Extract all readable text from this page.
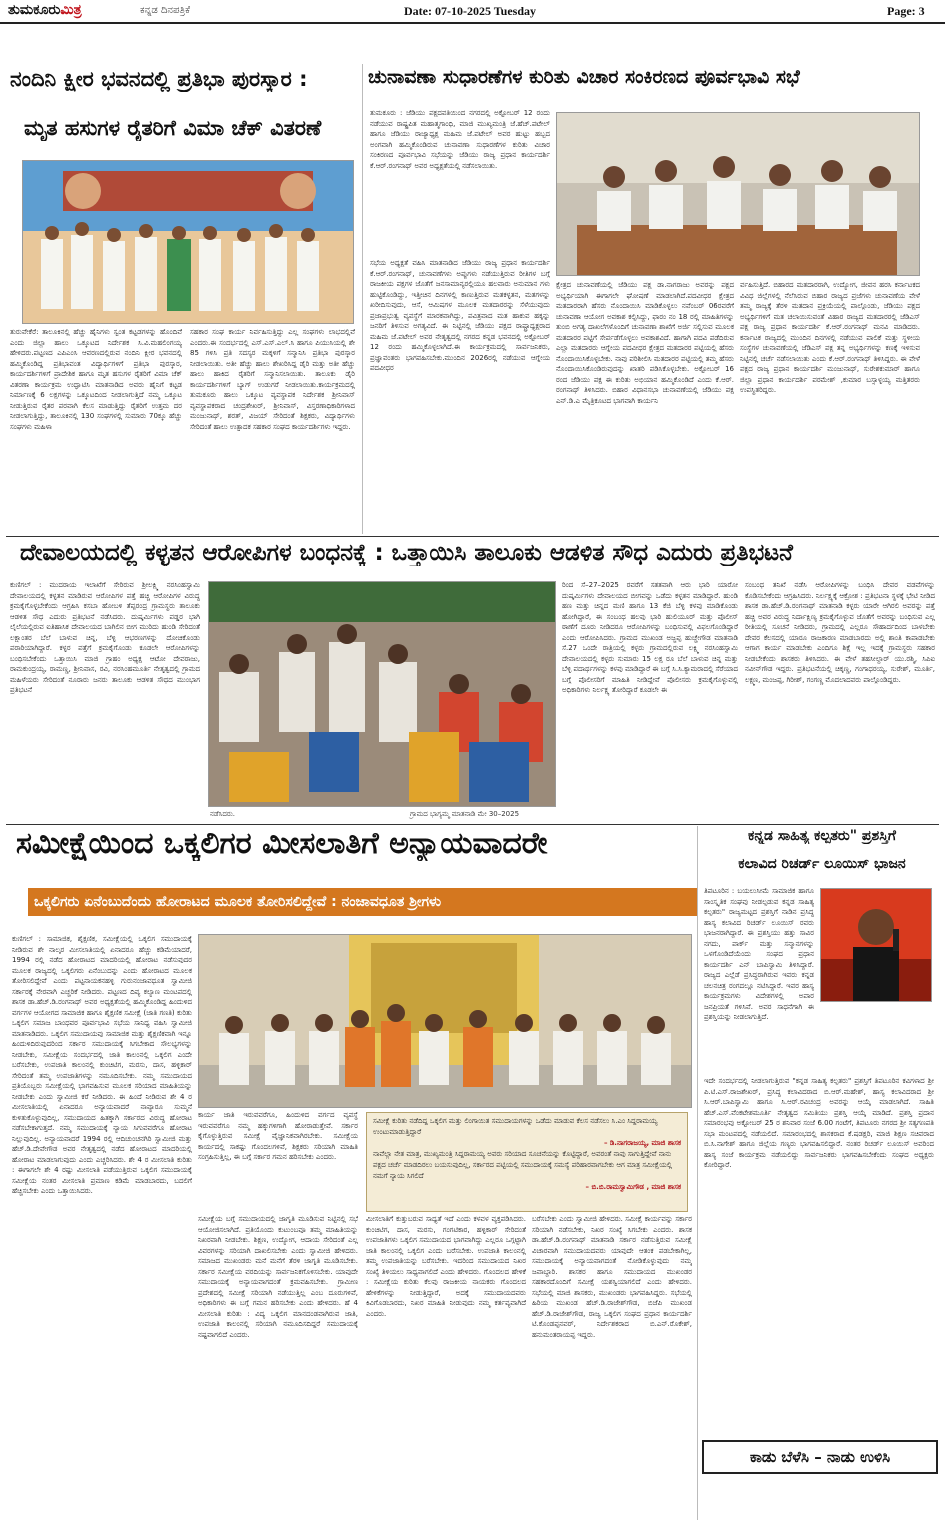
ತುಮಕೂರುಮಿತ್ರ	ಕನ್ನಡ ದಿನಪತ್ರಿಕೆ	Date: 07-10-2025 Tuesday	Page: 3
ನಂದಿನಿ ಕ್ಷೀರ ಭವನದಲ್ಲಿ ಪ್ರತಿಭಾ ಪುರಸ್ಕಾರ :
ಮೃತ ಹಸುಗಳ ರೈತರಿಗೆ ವಿಮಾ ಚೆಕ್ ವಿತರಣೆ
ತುರುವೇಕೆರೆ: ತಾಲೂಕಿನಲ್ಲಿ ಹೆಚ್ಚು ಹೈನಿಗಳು ಸ್ವಂತ ಕಟ್ಟಡಗಳನ್ನು ಹೊಂದಿವೆ ಎಂದು ಜಿಲ್ಲಾ ಹಾಲು ಒಕ್ಕೂಟದ ನಿರ್ದೇಶಕ ಸಿ.ವಿ.ಮಹಲಿಂಗಯ್ಯ ಹೇಳಿದರು.ಪಟ್ಟಣದ ಎಪಿಎಂಸಿ ಆವರಣದಲ್ಲಿರುವ ನಂದಿನಿ ಕ್ಷೀರ ಭವನದಲ್ಲಿ ಹಮ್ಮಿಕೊಂಡಿದ್ದ ಪ್ರತಿಭಾವಂತ ವಿದ್ಯಾರ್ಥಿಗಳಿಗೆ ಪ್ರತಿಭಾ ಪುರಸ್ಕಾರ, ಕಾರ್ಯದರ್ಶಿಗಳಿಗೆ ಪ್ರಾದೇಶಿಕ ಹಾಗೂ ಮೃತ ಹಸುಗಳ ರೈತರಿಗೆ ವಿಮಾ ಚೆಕ್ ವಿತರಣಾ ಕಾರ್ಯಕ್ರಮ ಉದ್ಘಾಟಿಸಿ ಮಾತನಾಡಿದ ಅವರು ಹೈನಿಗೆ ಕಟ್ಟಡ ನಿರ್ಮಾಣಕ್ಕೆ 6 ಲಕ್ಷಗಳನ್ನು ಒಕ್ಕೂಟದಿಂದ ನೀಡಲಾಗುತ್ತಿದೆ ನಮ್ಮ ಒಕ್ಕೂಟ ನೀಡುತ್ತಿರುವ ರೈತರ ಪರವಾಗಿ ಕೆಲಸ ಮಾಡುತ್ತಿದ್ದು ರೈತರಿಗೆ ಉತ್ತಮ ದರ ನೀಡಲಾಗುತ್ತಿದ್ದು, ತಾಲೂಕಿನಲ್ಲಿ 130 ಸಂಘಗಳಲ್ಲಿ ಸುಮಾರು 70ಕ್ಕೂ ಹೆಚ್ಚು ಸಂಘಗಳು ಮಹಿಳಾ
ಸಹಕಾರ ಸಂಘ ಕಾರ್ಯ ನಿರ್ವಹಿಸುತ್ತಿದ್ದು ಎಲ್ಲ ಸಂಘಗಳು ಲಾಭದಲ್ಲಿವೆ ಎಂದರು.ಈ ಸಂದರ್ಭದಲ್ಲಿ ಎಸ್.ಎಸ್.ಎಲ್.ಸಿ ಹಾಗೂ ಪಿಯುಸಿಯಲ್ಲಿ ಶೇ 85 ಗಳಿಸಿ ಪ್ರತಿ ಸದಸ್ಯರ ಮಕ್ಕಳಿಗೆ ಸನ್ಮಾನಿಸಿ ಪ್ರತಿಭಾ ಪುರಸ್ಕಾರ ನೀಡಲಾಯಿತು. ಅತೀ ಹೆಚ್ಚು ಹಾಲು ಶೇಖರಿಸಿದ್ದ ಡೈರಿ ಮತ್ತು ಅತೀ ಹೆಚ್ಚು ಹಾಲು ಹಾಕಿದ ರೈತರಿಗೆ ಸನ್ಮಾನಿಸಲಾಯಿತು. ತಾಲೂಕು ಡೈರಿ ಕಾರ್ಯದರ್ಶಿಗಳಿಗೆ ಬ್ಯಾಗ್ ಉಡುಗರೆ ನೀಡಲಾಯಿತು.ಕಾರ್ಯಕ್ರಮದಲ್ಲಿ ತುಮಕೂರು ಹಾಲು ಒಕ್ಕೂಟ ವ್ಯವಸ್ಥಾಪಕ ನಿರ್ದೇಶಕ ಶ್ರೀನಿವಾಸ್ ವ್ಯವಸ್ಥಾಪಕರಾದ ಚಂದ್ರಶೇಖರ್, ಶ್ರೀನಿವಾಸ್, ವಿಸ್ತರಣಾಧಿಕಾರಿಗಳಾದ ಮಂಜುನಾಥ್, ಶರತ್, ವಿಜಯ್ ಸೇರಿದಂತೆ ಶಿಕ್ಷಕರು, ವಿದ್ಯಾರ್ಥಿಗಳು ಸೇರಿದಂತೆ ಹಾಲು ಉತ್ಪಾದಕ ಸಹಕಾರ ಸಂಘದ ಕಾರ್ಯದರ್ಶಿಗಳು ಇದ್ದರು.
ಚುನಾವಣಾ ಸುಧಾರಣೆಗಳ ಕುರಿತು ವಿಚಾರ ಸಂಕಿರಣದ ಪೂರ್ವಭಾವಿ ಸಭೆ
ತುಮಕೂರು : ಜೆಡಿಯು ಪಕ್ಷದವತಿಯಿಂದ ನಗರದಲ್ಲಿ ಅಕ್ಟೋಬರ್ 12 ರಂದು ನಡೆಯುವ ರಾಷ್ಟ್ರಪಿತ ಮಹಾತ್ಮಗಾಂಧಿ, ಮಾಜಿ ಮುಖ್ಯಮಂತ್ರಿ ಜೆ.ಹೆಚ್.ಪಟೇಲ್ ಹಾಗೂ ಜೆಡಿಯು ರಾಜ್ಯಾಧ್ಯಕ್ಷ ಮಹಿಮ ಜೆ.ಪಟೇಲ್ ಅವರ ಹುಟ್ಟು ಹಬ್ಬದ ಅಂಗವಾಗಿ ಹಮ್ಮಿಕೊಂಡಿರುವ ಚುನಾವಣಾ ಸುಧಾರಣೆಗಳ ಕುರಿತು ವಿಚಾರ ಸಂಕಿರಣದ ಪೂರ್ವಭಾವಿ ಸಭೆಯನ್ನು ಜೆಡಿಯು ರಾಜ್ಯ ಪ್ರಧಾನ ಕಾರ್ಯದರ್ಶಿ ಕೆ.ಆರ್.ರಂಗನಾಥ್ ಅವರ ಅಧ್ಯಕ್ಷತೆಯಲ್ಲಿ ನಡೆಸಲಾಯಿತು.
ಸಭೆಯ ಅಧ್ಯಕ್ಷತೆ ವಹಿಸಿ ಮಾತನಾಡಿದ ಜೆಡಿಯು ರಾಜ್ಯ ಪ್ರಧಾನ ಕಾರ್ಯದರ್ಶಿ ಕೆ.ಆರ್.ರಂಗನಾಥ್, ಚುನಾವಣೆಗಳು ಅಪ್ಪುಗಳು ನಡೆಯುತ್ತಿರುವ ರೀತಿಗಳ ಬಗ್ಗೆ ರಾಜಕೀಯ ಪಕ್ಷಗಳ ಜೊತೆಗೆ ಜನಸಾಮಾನ್ಯರಲ್ಲಿಯೂ ಹಲವಾರು ಅನುಮಾನ ಗಳು ಹುಟ್ಟಿಕೊಂಡಿದ್ದು, ಇತ್ತೀಚಿನ ದಿನಗಳಲ್ಲಿ ಕಾಣುತ್ತಿರುವ ಮತಕಳ್ಳತನ, ಮತಗಳನ್ನು ಖರೀದಿಸುವುದು, ಆಸೆ, ಆಮಿಷಗಳ ಮೂಲಕ ಮತದಾರರನ್ನು ಸೆಳೆಯುವುದು ಪ್ರಜಾಪ್ರಭುತ್ವ ವ್ಯವಸ್ಥೆಗೆ ಮಾರಕವಾಗಿದ್ದು, ಪವಿತ್ರವಾದ ಮತ ಹಾಕುವ ಹಕ್ಕನ್ನು ಜನರಿಗೆ ತಿಳಿಸುವ ಅಗತ್ಯವಿದೆ. ಈ ನಿಟ್ಟಿನಲ್ಲಿ ಜೆಡಿಯು ಪಕ್ಷದ ರಾಷ್ಟ್ರಾಧ್ಯಕ್ಷರಾದ ಮಹಿಮ ಜೆ.ಪಟೇಲ್ ಅವರ ನೇತೃತ್ವದಲ್ಲಿ ನಗರದ ಕನ್ನಡ ಭವನದಲ್ಲಿ ಅಕ್ಟೋಬರ್ 12 ರಂದು ಹಮ್ಮಿಕೊಳ್ಳಲಾಗಿದೆ.ಈ ಕಾರ್ಯಕ್ರಮದಲ್ಲಿ ಸಾರ್ವಜನಿಕರು, ಪ್ರಜ್ಞಾವಂತರು ಭಾಗವಹಿಸಬೇಕು.ಮುಂದಿನ 2026ರಲ್ಲಿ ನಡೆಯುವ ಆಗ್ನೇಯ ಪದವೀಧರ
ಕ್ಷೇತ್ರದ ಚುನಾವಣೆಯಲ್ಲಿ ಜೆಡಿಯು ಪಕ್ಷ ಡಾ.ನಾಗರಾಜು ಅವರನ್ನು ಪಕ್ಷದ ಅಭ್ಯರ್ಥಿಯಾಗಿ ಈಗಾಗಲೇ ಘೋಷಣೆ ಮಾಡಲಾಗಿದೆ.ಪದವೀಧರ ಕ್ಷೇತ್ರದ ಮತದಾರರಾಗಿ ಹೆಸರು ನೊಂದಾಯಿಸಿ ಮಾಡಿಕೊಳ್ಳಲು ನವೆಂಬರ್ 06ರವರೆಗೆ ಚುನಾವಣಾ ಆಯೋಗ ಅವಕಾಶ ಕಲ್ಪಿಸಿದ್ದು, ಫಾರಂ ನಂ 18 ರಲ್ಲಿ ಮಾಹಿತಿಗಳನ್ನು ತುಂಬಿ ಅಗತ್ಯ ದಾಖಲೆಗಳೊಂದಿಗೆ ಚುನಾವಣಾ ಶಾಖೆಗೆ ಅರ್ಜಿ ಸಲ್ಲಿಸುವ ಮೂಲಕ ಮತದಾರರ ಪಟ್ಟಿಗೆ ಸೇರ್ಪಡೆಗೊಳ್ಳಲು ಅವಕಾಶವಿದೆ. ಹಾಗಾಗಿ ಪದವಿ ಪಡೆದಿರುವ ಎಲ್ಲಾ ಮತದಾರರು ಆಗ್ನೇಯ ಪದವೀಧರ ಕ್ಷೇತ್ರದ ಮತದಾರರ ಪಟ್ಟಿಯಲ್ಲಿ ಹೆಸರು ನೊಂದಾಯಿಸಿಕೊಳ್ಳಬೇಕು. ನಾವು ಪರಿಶೀಲಿಸಿ ಮತದಾರರ ಪಟ್ಟಿಯಲ್ಲಿ ತಮ್ಮ ಹೆಸರು ನೊಂದಾಯಿಸಿಕೊಂಡಿರುವುದನ್ನು ಖಾತರಿ ಪಡಿಸಿಕೊಳ್ಳಬೇಕು. ಅಕ್ಟೋಬರ್ 16 ರಂದ ಜೆಡಿಯು ಪಕ್ಷ ಈ ಕುರಿತು ಅಭಿಯಾನ ಹಮ್ಮಿಕೊಂಡಿದೆ ಎಂದು ಕೆ.ಆರ್. ರಂಗನಾಥ್ ತಿಳಿಸಿದರು. ಬಿಹಾರ ವಿಧಾನಸಭಾ ಚುನಾವಣೆಯಲ್ಲಿ ಜೆಡಿಯು ಪಕ್ಷ ಎನ್.ಡಿ.ಎ ಮೈತ್ರಿಕೂಟದ ಭಾಗವಾಗಿ ಕಾರ್ಯನಿ
ರ್ವಹಿಸುತ್ತಿದೆ. ಬಿಹಾರದ ಮತದಾರರಾಗಿ, ಉದ್ಯೋಗ, ಜೀವನ ಹರಸಿ ಕರ್ನಾಟಕದ ವಿವಿಧ ಜಿಲ್ಲೆಗಳಲ್ಲಿ ನೆಲೆಸಿರುವ ಬಿಹಾರ ರಾಜ್ಯದ ಪ್ರಜೆಗಳು ಚುನಾವಣೆಯ ವೇಳೆ ತಮ್ಮ ರಾಜ್ಯಕ್ಕೆ ತೆರಳಿ ಮತದಾನ ಪ್ರಕ್ರಿಯೆಯಲ್ಲಿ ಪಾಲ್ಗೊಂಡು, ಜೆಡಿಯು ಪಕ್ಷದ ಅಭ್ಯರ್ಥಿಗಳಿಗೆ ಮತ ಚಲಾಯಿಸುವಂತೆ ವಿಹಾರ ರಾಜ್ಯದ ಮತದಾರರಲ್ಲಿ ಜೆಡಿಎಸ್ ಪಕ್ಷ ರಾಜ್ಯ ಪ್ರಧಾನ ಕಾರ್ಯದರ್ಶಿ ಕೆ.ಆರ್.ರಂಗನಾಥ್ ಮನವಿ ಮಾಡಿದರು. ಕರ್ನಾಟಕ ರಾಜ್ಯದಲ್ಲಿ ಮುಂದಿನ ದಿನಗಳಲ್ಲಿ ನಡೆಯುವ ಪಾಲಿಕೆ ಮತ್ತು ಸ್ಥಳೀಯ ಸಂಸ್ಥೆಗಳ ಚುನಾವಣೆಯಲ್ಲಿ ಜೆಡಿಎಸ್ ಪಕ್ಷ ತನ್ನ ಅಭ್ಯರ್ಥಿಗಳನ್ನು ಕಣಕ್ಕೆ ಇಳಿಸುವ ನಿಟ್ಟಿನಲ್ಲಿ ಚರ್ಚೆ ನಡೆಸಲಾಯಿತು ಎಂದು ಕೆ.ಆರ್.ರಂಗನಾಥ್ ತಿಳಿಸಿದ್ದರು. ಈ ವೇಳೆ ಪಕ್ಷದ ರಾಜ್ಯ ಪ್ರಧಾನ ಕಾರ್ಯದರ್ಶಿ ಮಂಜುನಾಥ್, ಸುರೇಶಕುಮಾರ್ ಹಾಗೂ ಜಿಲ್ಲಾ ಪ್ರಧಾನ ಕಾರ್ಯದರ್ಶಿ ಪರಮೇಶ್ ,ಕುಮಾರ ಬಸ್ಸಾಳ್ಳಯ್ಯ ಮತ್ತಿತರರು ಉಪಸ್ಥಿತರಿದ್ದರು.
ದೇವಾಲಯದಲ್ಲಿ ಕಳ್ಳತನ ಆರೋಪಿಗಳ ಬಂಧನಕ್ಕೆ : ಒತ್ತಾಯಿಸಿ ತಾಲೂಕು ಆಡಳಿತ ಸೌಧ ಎದುರು ಪ್ರತಿಭಟನೆ
ಕುಣಿಗಲ್ : ಮುದರಾಯ ಇಲಾಖೆಗೆ ಸೇರಿರುವ ಶ್ರೀಲಕ್ಷ್ಮಿ ನರಸಿಂಹಸ್ವಾಮಿ ದೇವಾಲಯದಲ್ಲಿ ಕಳ್ಳತನ ಮಾಡಿರುವ ಆರೋಪಿಗಳ ಪತ್ತೆ ಹಚ್ಚಿ ಆರೋಪಿಗಳ ವಿರುದ್ಧ ಕ್ರಮಕೈಗೊಳ್ಳಬೇಕೆಂದು ಆಗ್ರಹಿಸಿ ಕಸಬಾ ಹೋಬಳಿ ತೆಪ್ಪರಂದ್ರ ಗ್ರಾಮಸ್ಥರು ತಾಲೂಕು ಆಡಳಿತ ಸೌಧ ಎದುರು ಪ್ರತಿಭಟನೆ ನಡೆಸಿದರು. ದುಷ್ಕರ್ಮಿಗಳು ಪಡ್ಡರ ಭಾಗಿ ಲೈಲೆಯಲ್ಲಿರುವ ಐತಿಹಾಸಿಕ ದೇವಾಲಯದ ಬಾಗಿಲಿನ ಬೀಗ ಮುರಿದು ಹುಂಡಿ ಸೇರಿದಂತೆ ಲಕ್ಷಾಂತರ ಬೆಲೆ ಬಾಳುವ ಚಿನ್ನ, ಬೆಳ್ಳಿ ಆಭರಣಗಳನ್ನು ದೋಚಿಕೊಂಡು ಪರಾರಿಯಾಗಿದ್ದಾರೆ. ಕಳ್ಳರ ಪತ್ತೆಗೆ ಕ್ರಮಕೈಗೊಂಡು ಕೂಡಲೇ ಆರೋಪಿಗಳನ್ನು ಬಂಧಿಸಬೇಕೆಂದು ಒತ್ತಾಯಿಸಿ ಮಾಜಿ ಗ್ರಾಹಂ ಅಧ್ಯಕ್ಷ ಆಟೋ ದೇವರಾಜು, ರಾಮಕುಂದ್ರಯ್ಯ, ರಾಮಣ್ಣ, ಶ್ರೀನಿವಾಸ, ರವಿ, ನರಸಿಂಹಮೂರ್ತಿ ನೇತೃತ್ವದಲ್ಲಿ ಗ್ರಾಮದ ಮಹಿಳೆಯರು ಸೇರಿದಂತೆ ನೂರಾರು ಜನರು ತಾಲೂಕು ಆಡಳಿತ ಸೌಧದ ಮುಂಭಾಗ ಪ್ರತಿಭಟನೆ
ನಡೆಸಿದರು.	ಗ್ರಾಮದ ಭಾಗ್ಯಮ್ಮ ಮಾತನಾಡಿ ಮೇ 30–2025
ರಿಂದ ಸೆ–27–2025 ರವರೆಗೆ ಸತತವಾಗಿ ಆರು ಭಾರಿ ಯಾರೋ ದುಷ್ಕರ್ಮಿಗಳು ದೇವಾಲಯದ ಬೀಗವನ್ನು ಒಡೆದು ಕಳ್ಳತನ ಮಾಡಿದ್ದಾರೆ. ಹುಂಡಿ ಹಣ ಮತ್ತು ಚಿನ್ನದ ಮಣಿ ಹಾಗೂ 13 ಕೆಜಿ ಬೆಳ್ಳಿ ಕಳವು ಮಾಡಿಕೊಂಡು ಹೋಗಿದ್ದಾರೆ, ಈ ಸಂಬಂಧ ಹಲವು ಭಾರಿ ಹುಲಿಯೂರ್ ಮತ್ತು ಪೊಲೀಸ್ ಠಾಣೆಗೆ ದೂರು ನೀಡಿದರೂ ಆರೋಪಿಗಳನ್ನು ಬಂಧಿಸುವಲ್ಲಿ ವಿಫಲಗೊಂಡಿದ್ದಾರೆ ಎಂದು ಆರೋಪಿಸಿದರು. ಗ್ರಾಮದ ಮುಖಂಡ ಅಜ್ಜಪ್ಪ ಹುಚ್ಚೇಗೌಡ ಮಾತನಾಡಿ ಸೆ.27 ಒಂದೇ ರಾತ್ರಿಯಲ್ಲಿ ಕಳ್ಳರು ಗ್ರಾಮದಲ್ಲಿರುವ ಲಕ್ಷ್ಮಿ ನರಸಿಂಹಸ್ವಾಮಿ ದೇವಾಲಯದಲ್ಲಿ ಕಳ್ಳರು ಸುಮಾರು 15 ಲಕ್ಷ ರೂ ಬೆಲೆ ಬಾಳುವ ಚಿನ್ನ ಮತ್ತು ಬೆಳ್ಳಿ ಪದಾರ್ಥಗಳನ್ನು ಕಳವು ಮಾಡಿದ್ದಾರೆ ಈ ಬಗ್ಗೆ ಸಿ.ಸಿ.ಕ್ಯಾಮರಾದಲ್ಲಿ ಸೆರೆಯಾದ ಬಗ್ಗೆ ಪೊಲೀಸರಿಗೆ ಮಾಹಿತಿ ನೀಡಿದ್ದೇವೆ ಪೊಲೀಸರು ಕ್ರಮಕೈಗೊಳ್ಳುವಲ್ಲಿ ಅಧಿಕಾರಿಗಳು ನಿರ್ಲಕ್ಷ್ಯ ತೋರಿದ್ದಾರೆ ಕೂಡಲೇ ಈ
ಸಂಬಂಧ ತನಿಖೆ ನಡೆಸಿ ಆರೋಪಿಗಳನ್ನು ಬಂಧಿಸಿ ದೇವರ ವಡವೆಗಳನ್ನು ಕೊಡಿಸಬೇಕೆಂದು ಆಗ್ರಹಿಸಿದರು. ನಿರ್ಲಕ್ಷ್ಯಕ್ಕೆ ಆಕ್ರೋಶ : ಪ್ರತಿಭಟನಾ ಸ್ಥಳಕ್ಕೆ ಭೇಟಿ ನೀಡಿದ ಶಾಸಕ ಡಾ.ಹೆಚ್.ಡಿ.ರಂಗನಾಥ್ ಮಾತನಾಡಿ ಕಳ್ಳರು ಯಾರೇ ಆಗಿರಲಿ ಅವರನ್ನು ಪತ್ತೆ ಹಚ್ಚಿ ಅವರ ವಿರುದ್ಧ ನಿರ್ದಾಕ್ಷಿಣ್ಯ ಕ್ರಮಕೈಗೊಳ್ಳುವ ಜೊತೆಗೆ ಅವರನ್ನು ಬಂಧಿಸುವ ಎಲ್ಲ ರೀತಿಯಲ್ಲಿ ಸೂಚನೆ ನೀಡಿದರು, ಗ್ರಾಮದಲ್ಲಿ ಎಲ್ಲರೂ ಸೌಹಾರ್ದದಿಂದ ಬಾಳಬೇಕು ದೇವರ ಕೆಲಸದಲ್ಲಿ ಯಾರೂ ರಾಜಕಾರಣ ಮಾಡಬಾರದು ಅಲ್ಲಿ ಶಾಂತಿ ಕಾಪಾಡಬೇಕು ಆಗಾಗ ಕಾರ್ಯ ಮಾಡಬೇಕು ಎಂದಿಗೂ ಶಿಕ್ಷೆ ಇಲ್ಲ ಇದಕ್ಕೆ ಗ್ರಾಮಸ್ಥರು ಸಹಕಾರ ನೀಡಬೇಕೆಂದು ಶಾಸಕರು ತಿಳಿಸಿದರು. ಈ ವೇಳೆ ತಹಸೀಲ್ದಾರ್ ಯು.ರಶ್ಮಿ, ಸಿಪಿಐ ನವೀನ್‌ಗೌಡ ಇದ್ದರು. ಪ್ರತಿಭಟನೆಯಲ್ಲಿ ಚಿಕ್ಕಣ್ಣ, ಗಂಗಾಧರಯ್ಯ, ಸುರೇಶ್, ಮೂರ್ತಿ, ಲಕ್ಷ್ಮಣ, ಮಂಜಪ್ಪ, ಗಿರೀಶ್, ಗಂಗಣ್ಣ ಮೊದಲಾದವರು ಪಾಲ್ಗೊಂಡಿದ್ದರು.
ಸಮೀಕ್ಷೆಯಿಂದ ಒಕ್ಕಲಿಗರ ಮೀಸಲಾತಿಗೆ ಅನ್ಯಾಯವಾದರೇ
ಒಕ್ಕಲಿಗರು ಏನೆಂಬುದೆಂದು ಹೋರಾಟದ ಮೂಲಕ ತೋರಿಸಲಿದ್ದೇವೆ : ನಂಜಾವಧೂತ ಶ್ರೀಗಳು
ಕುಣಿಗಲ್ : ಸಾಮಾಜಿಕ, ಶೈಕ್ಷಣಿಕ, ಸಮೀಕ್ಷೆಯಲ್ಲಿ ಒಕ್ಕಲಿಗ ಸಮುದಾಯಕ್ಕೆ ನೀಡಿರುವ ಶೇ ನಾಲ್ಕರ ಮೀಸಲಾತಿಯಲ್ಲಿ ಏನಾದರೂ ಹೆಚ್ಚು ಕಡಿಮೆಯಾದರೆ, 1994 ರಲ್ಲಿ ನಡೆದ ಹೋರಾಟದ ಮಾದರಿಯಲ್ಲಿ ಹೋರಾಟ ನಡೆಸುವುದರ ಮೂಲಕ ರಾಜ್ಯದಲ್ಲಿ ಒಕ್ಕಲಿಗರು ಏನೆಂಬುದನ್ನು ಎಂದು ಹೋರಾಟದ ಮೂಲಕ ತೋರಿಸಲಿದ್ದೇವೆ ಎಂದು ಪಟ್ಟನಾಯಕನಹಳ್ಳಿ ಗುರುನಂಜಾವಧೂತ ಸ್ವಾಮೀಜಿ ಸರ್ಕಾರಕ್ಕೆ ನೇರವಾಗಿ ಎಚ್ಚರಿಕೆ ನೀಡಿದರು. ಪಟ್ಟಣದ ದಿವ್ಯ ಕಲ್ಯಾಣ ಮಂಟಪದಲ್ಲಿ ಶಾಸಕ ಡಾ.ಹೆಚ್.ಡಿ.ರಂಗನಾಥ್ ಅವರ ಅಧ್ಯಕ್ಷತೆಯಲ್ಲಿ ಹಮ್ಮಿಕೊಂಡಿದ್ದ ಹಿಂದುಳಿದ ವರ್ಗಗಳ ಆಯೋಗದ ಸಾಮಾಜಿಕ ಹಾಗೂ ಶೈಕ್ಷಣಿಕ ಸಮೀಕ್ಷೆ (ಜಾತಿ ಗಣತಿ) ಕುರಿತು ಒಕ್ಕಲಿಗ ಸಮಾಜ ಬಾಂಧವರ ಪೂರ್ವಭಾವಿ ಸಭೆಯ ಸಾನಿಧ್ಯ ವಹಿಸಿ ಸ್ವಾಮೀಜಿ ಮಾತನಾಡಿದರು. ಒಕ್ಕಲಿಗ ಸಮುದಾಯವು ಸಾಮಾಜಿಕ ಮತ್ತು ಶೈಕ್ಷಣಿಕವಾಗಿ ಇನ್ನೂ ಹಿಂದುಳಿದಿರುವುದರಿಂದ ಸರ್ಕಾರ ಸಮುದಾಯಕ್ಕೆ ಸಿಗಬೇಕಾದ ಸೌಲಭ್ಯಗಳನ್ನು ನೀಡಬೇಕು, ಸಮೀಕ್ಷೆಯ ಸಂದರ್ಭದಲ್ಲಿ ಜಾತಿ ಕಾಲಂನಲ್ಲಿ ಒಕ್ಕಲಿಗ ಎಂದೇ ಬರೆಸಬೇಕು, ಉಪಜಾತಿ ಕಾಲಂನಲ್ಲಿ ಕುಂಚಿಟಿಗ, ಮರಸು, ದಾಸ, ಹಳ್ಳಿಕಾರ್ ಸೇರಿದಂತೆ ತಮ್ಮ ಉಪಜಾತಿಗಳನ್ನು ನಮೂದಿಸಬೇಕು. ನಮ್ಮ ಸಮುದಾಯದ ಪ್ರತಿಯೊಬ್ಬರು ಸಮೀಕ್ಷೆಯಲ್ಲಿ ಭಾಗವಹಿಸುವ ಮೂಲಕ ಸರಿಯಾದ ಮಾಹಿತಿಯನ್ನು ನೀಡಬೇಕು ಎಂದು ಸ್ವಾಮೀಜಿ ಕರೆ ನೀಡಿದರು. ಈ ಹಿಂದೆ ನೀಡಿರುವ ಶೇ 4 ರ ಮೀಸಲಾತಿಯಲ್ಲಿ ಏನಾದರೂ ಅನ್ಯಾಯವಾದರೆ ನಾವ್ಯಾರೂ ಸುಮ್ಮನೆ ಕುಳಿತುಕೊಳ್ಳುವುದಿಲ್ಲ, ಸಮುದಾಯದ ಹಿತಕ್ಕಾಗಿ ಸರ್ಕಾರದ ವಿರುದ್ಧ ಹೋರಾಟ ನಡೆಸಬೇಕಾಗುತ್ತದೆ. ನಮ್ಮ ಸಮುದಾಯಕ್ಕೆ ನ್ಯಾಯ ಸಿಗುವವರೆಗೂ ಹೋರಾಟ ನಿಲ್ಲುವುದಿಲ್ಲ. ಅನ್ಯಾಯವಾದರೆ 1994 ರಲ್ಲಿ ಆದಿಚುಂಚನಗಿರಿ ಸ್ವಾಮೀಜಿ ಮತ್ತು ಹೆಚ್.ಡಿ.ದೇವೇಗೌಡ ಅವರ ನೇತೃತ್ವದಲ್ಲಿ ನಡೆದ ಹೋರಾಟದ ಮಾದರಿಯಲ್ಲಿ ಹೋರಾಟ ಮಾಡಲಾಗುವುದು ಎಂದು ಎಚ್ಚರಿಸಿದರು. ಶೇ 4 ರ ಮೀಸಲಾತಿ ಕುರಿತು : ಈಗಾಗಲೇ ಶೇ 4 ರಷ್ಟು ಮೀಸಲಾತಿ ಪಡೆಯುತ್ತಿರುವ ಒಕ್ಕಲಿಗ ಸಮುದಾಯಕ್ಕೆ ಸಮೀಕ್ಷೆಯ ನಂತರ ಮೀಸಲಾತಿ ಪ್ರಮಾಣ ಕಡಿಮೆ ಮಾಡಬಾರದು, ಬದಲಿಗೆ ಹೆಚ್ಚಿಸಬೇಕು ಎಂದು ಒತ್ತಾಯಿಸಿದರು.
ಕಾರ್ಯ ಜಾತಿ ಇರುವವರೆಗೂ, ಹಿಂದುಳಿದ ವರ್ಗದ ವ್ಯವಸ್ಥೆ ಇರುವವರೆಗೂ ನಮ್ಮ ಹಕ್ಕುಗಳಿಗಾಗಿ ಹೋರಾಡುತ್ತೇವೆ. ಸರ್ಕಾರ ಕೈಗೊಳ್ಳುತ್ತಿರುವ ಸಮೀಕ್ಷೆ ವೈಜ್ಞಾನಿಕವಾಗಿರಬೇಕು. ಸಮೀಕ್ಷೆಯ ಕಾರ್ಯದಲ್ಲಿ ಸಾಕಷ್ಟು ಗೊಂದಲಗಳಿವೆ, ಶಿಕ್ಷಕರು ಸರಿಯಾಗಿ ಮಾಹಿತಿ ಸಂಗ್ರಹಿಸುತ್ತಿಲ್ಲ, ಈ ಬಗ್ಗೆ ಸರ್ಕಾರ ಗಮನ ಹರಿಸಬೇಕು ಎಂದರು.
ಸಮೀಕ್ಷೆ ಕುರಿತು ನಡೆದಿದ್ದ ಒಕ್ಕಲಿಗ ಮತ್ತು ಲಿಂಗಾಯಿತ ಸಮುದಾಯಗಳನ್ನು ಒಡೆದು ಮಾಡುವ ಕೆಲಸ ನಡೆಸಲು ಸಿ.ಎಂ ಸಿದ್ದರಾಮಯ್ಯ ಉಂಟುಮಾಡುತ್ತಿದ್ದಾರೆ
– ಡಿ.ನಾಗರಾಜಯ್ಯ, ಮಾಜಿ ಶಾಸಕ
ನಾವೆಲ್ಲಾ ನೇತ ಮಾತ್ರ, ಮುಖ್ಯಮಂತ್ರಿ ಸಿದ್ದರಾಮಯ್ಯ ಅವರು ಸರಿಯಾದ ಸೂಚನೆಯನ್ನು ಕೊಟ್ಟಿದ್ದಾರೆ, ಅವರಂತೆ ನಾವು ಸಾಗುತ್ತಿದ್ದೇವೆ ನಾನು ಪಕ್ಷದ ಚರ್ಚೆ ಮಾಡದಿರಲು ಬಯಸುವುದಿಲ್ಲ, ಸರ್ಕಾರದ ಪಟ್ಟಿಯಲ್ಲಿ ಸಮುದಾಯಕ್ಕೆ ಸಮಸ್ಯೆ ಪರಿಹಾರವಾಗಬೇಕು ಆಗ ಮಾತ್ರ ಸಮೀಕ್ಷೆಯಲ್ಲಿ ನಮಗೆ ನ್ಯಾಯ ಸಿಗಲಿದೆ
– ಬಿ.ಬಿ.ರಾಮಸ್ವಾಮಿಗೌಡ , ಮಾಜಿ ಶಾಸಕ
ಸಮೀಕ್ಷೆಯ ಬಗ್ಗೆ ಸಮುದಾಯದಲ್ಲಿ ಜಾಗೃತಿ ಮೂಡಿಸುವ ನಿಟ್ಟಿನಲ್ಲಿ ಸಭೆ ಆಯೋಜಿಸಲಾಗಿದೆ. ಪ್ರತಿಯೊಂದು ಕುಟುಂಬವೂ ತಮ್ಮ ಮಾಹಿತಿಯನ್ನು ನಿಖರವಾಗಿ ನೀಡಬೇಕು. ಶಿಕ್ಷಣ, ಉದ್ಯೋಗ, ಆದಾಯ ಸೇರಿದಂತೆ ಎಲ್ಲ ವಿವರಗಳನ್ನು ಸರಿಯಾಗಿ ದಾಖಲಿಸಬೇಕು ಎಂದು ಸ್ವಾಮೀಜಿ ಹೇಳಿದರು. ಸಮಾಜದ ಮುಖಂಡರು ಮನೆ ಮನೆಗೆ ತೆರಳಿ ಜಾಗೃತಿ ಮೂಡಿಸಬೇಕು. ಸರ್ಕಾರ ಸಮೀಕ್ಷೆಯ ವರದಿಯನ್ನು ಸಾರ್ವಜನಿಕಗೊಳಿಸಬೇಕು. ಯಾವುದೇ ಸಮುದಾಯಕ್ಕೆ ಅನ್ಯಾಯವಾಗದಂತೆ ಕ್ರಮವಹಿಸಬೇಕು. ಗ್ರಾಮೀಣ ಪ್ರದೇಶದಲ್ಲಿ ಸಮೀಕ್ಷೆ ಸರಿಯಾಗಿ ನಡೆಯುತ್ತಿಲ್ಲ ಎಂಬ ದೂರುಗಳಿವೆ, ಅಧಿಕಾರಿಗಳು ಈ ಬಗ್ಗೆ ಗಮನ ಹರಿಸಬೇಕು ಎಂದು ಹೇಳಿದರು. ಹೆ 4 ಮೀಸಲಾತಿ ಕುರಿತು : ವಿದ್ಯ ಒಕ್ಕಲಿಗ ಮಾನದಂಡವಾಗಿರುವ ಜಾತಿ, ಉಪಜಾತಿ ಕಾಲಂನಲ್ಲಿ ಸರಿಯಾಗಿ ನಮೂದಿಸದಿದ್ದರೆ ಸಮುದಾಯಕ್ಕೆ ನಷ್ಟವಾಗಲಿದೆ ಎಂದರು.
ಮೀಸಲಾತಿಗೆ ಕುತ್ತುಬರುವ ಸಾಧ್ಯತೆ ಇದೆ ಎಂದು ಕಳವಳ ವ್ಯಕ್ತಪಡಿಸಿದರು. ಕುಂಚಿಟಿಗ, ದಾಸ, ಮರಸು, ಗಂಗಟಿಕಾರ, ಹಳ್ಳಿಕಾರ್ ಸೇರಿದಂತೆ ಉಪಜಾತಿಗಳು ಒಕ್ಕಲಿಗ ಸಮುದಾಯದ ಭಾಗವಾಗಿದ್ದು ಎಲ್ಲರೂ ಒಗ್ಗಟ್ಟಾಗಿ ಜಾತಿ ಕಾಲಂನಲ್ಲಿ ಒಕ್ಕಲಿಗ ಎಂದು ಬರೆಸಬೇಕು. ಉಪಜಾತಿ ಕಾಲಂನಲ್ಲಿ ತಮ್ಮ ಉಪಜಾತಿಯನ್ನು ಬರೆಸಬೇಕು. ಇದರಿಂದ ಸಮುದಾಯದ ನಿಖರ ಸಂಖ್ಯೆ ತಿಳಿಯಲು ಸಾಧ್ಯವಾಗಲಿದೆ ಎಂದು ಹೇಳಿದರು. ಗೊಂದಲದ ಹೇಳಿಕೆ : ಸಮೀಕ್ಷೆಯ ಕುರಿತು ಕೆಲವು ರಾಜಕೀಯ ನಾಯಕರು ಗೊಂದಲದ ಹೇಳಿಕೆಗಳನ್ನು ನೀಡುತ್ತಿದ್ದಾರೆ, ಅದಕ್ಕೆ ಸಮುದಾಯದವರು ಕಿವಿಗೊಡಬಾರದು, ನಿಖರ ಮಾಹಿತಿ ನೀಡುವುದು ನಮ್ಮ ಕರ್ತವ್ಯವಾಗಿದೆ ಎಂದರು.
ಬರೆಸಬೇಕು ಎಂದು ಸ್ವಾಮೀಜಿ ಹೇಳಿದರು. ಸಮೀಕ್ಷೆ ಕಾರ್ಯವನ್ನು ಸರ್ಕಾರ ಸರಿಯಾಗಿ ನಡೆಸಬೇಕು, ನಿಖರ ಸಂಖ್ಯೆ ಸಿಗಬೇಕು ಎಂದರು. ಶಾಸಕ ಡಾ.ಹೆಚ್.ಡಿ.ರಂಗನಾಥ್ ಮಾತನಾಡಿ ಸರ್ಕಾರ ನಡೆಸುತ್ತಿರುವ ಸಮೀಕ್ಷೆ ವಿಚಾರವಾಗಿ ಸಮುದಾಯದವರು ಯಾವುದೇ ಆತಂಕ ಪಡಬೇಕಾಗಿಲ್ಲ, ಸಮುದಾಯಕ್ಕೆ ಅನ್ಯಾಯವಾಗದಂತೆ ನೋಡಿಕೊಳ್ಳುವುದು ನಮ್ಮ ಜವಾಬ್ದಾರಿ. ಶಾಸಕರ ಹಾಗೂ ಸಮುದಾಯದ ಮುಖಂಡರ ಸಹಕಾರದೊಂದಿಗೆ ಸಮೀಕ್ಷೆ ಯಶಸ್ವಿಯಾಗಲಿದೆ ಎಂದು ಹೇಳಿದರು. ಸಭೆಯಲ್ಲಿ ಮಾಜಿ ಶಾಸಕರು, ಮುಖಂಡರು ಭಾಗವಹಿಸಿದ್ದರು. ಸಭೆಯಲ್ಲಿ ಹಿರಿಯ ಮುಖಂಡ ಹೆಚ್.ಡಿ.ರಾಜೇಶ್‌ಗೌಡ, ಬಿಜೆಪಿ ಮುಖಂಡ ಹೆಚ್.ಡಿ.ರಾಜೇಶ್‌ಗೌಡ, ರಾಜ್ಯ ಒಕ್ಕಲಿಗ ಸಂಘದ ಪ್ರಧಾನ ಕಾರ್ಯದರ್ಶಿ ಟಿ.ಕೊಂಡಪ್ಪನವರ್, ನಿರ್ದೇಶಕರಾದ ಬಿ.ಎನ್.ರೊಕೇಶ್, ಹನುಮಂತರಾಯಪ್ಪ ಇದ್ದರು.
ಕನ್ನಡ ಸಾಹಿತ್ಯ ಕಲ್ಪತರು" ಪ್ರಶಸ್ತಿಗೆ
ಕಲಾವಿದ ರಿಚರ್ಡ್ ಲೂಯಿಸ್ ಭಾಜನ
ತಿಪಟೂರಿನ : ಬಯಲುಸೀಮೆ ಸಾಮಾಜಿಕ ಹಾಗೂ ಸಾಂಸ್ಕೃತಿಕ ಸಂಘವು ನೀಡಲ್ಪಡುವ ಕನ್ನಡ ಸಾಹಿತ್ಯ ಕಲ್ಪತರು" ರಾಜ್ಯಮಟ್ಟದ ಪ್ರಶಸ್ತಿಗೆ ನಾಡಿನ ಪ್ರಸಿದ್ಧ ಹಾಸ್ಯ ಕಲಾವಿದ ರಿಚರ್ಡ್ ಲೂಯಿಸ್ ರವರು ಭಾಜನರಾಗಿದ್ದಾರೆ. ಈ ಪ್ರಶಸ್ತಿಯು ಹತ್ತು ಸಾವಿರ ನಗದು, ಪಾರ್ಕ್ ಮತ್ತು ಸನ್ಮಾನಗಳನ್ನು ಒಳಗೊಂಡಿದೆಯೆಂದು ಸಂಘದ ಪ್ರಧಾನ ಕಾರ್ಯದರ್ಶಿ ಎನ್ ಬಾಪಿಸ್ವಾಮಿ ತಿಳಿಸಿದ್ದಾರೆ. ರಾಜ್ಯದ ಎಲ್ಲೆಡೆ ಪ್ರಸಿದ್ಧರಾಗಿರುವ ಇವರು ಕನ್ನಡ ಚಲನಚಿತ್ರ ರಂಗದಲ್ಲೂ ನಟಿಸಿದ್ದಾರೆ. ಇವರ ಹಾಸ್ಯ ಕಾರ್ಯಕ್ರಮಗಳು ವಿದೇಶಗಳಲ್ಲಿ ಅಪಾರ ಜನಪ್ರಿಯತೆ ಗಳಿಸಿವೆ. ಅವರ ಸಾಧನೆಗಾಗಿ ಈ ಪ್ರಶಸ್ತಿಯನ್ನು ನೀಡಲಾಗುತ್ತಿದೆ.
ಇದೇ ಸಂದರ್ಭದಲ್ಲಿ ನೀಡಲಾಗುತ್ತಿರುವ "ಕನ್ನಡ ಸಾಹಿತ್ಯ ಕಲ್ಪತರು" ಪ್ರಶಸ್ತಿಗೆ ತಿಪಟೂರಿನ ಕವಿಗಳಾದ ಶ್ರೀ ಪಿ.ಟಿ.ಎಸ್.ರಾಜಶೇಖರ್, ಪ್ರಸಿದ್ಧ ಕಲಾವಿದರಾದ ಬಿ.ಆರ್.ಮಹೇಶ್, ಹಾಸ್ಯ ಕಲಾವಿದರಾದ ಶ್ರೀ ಸಿ.ಆರ್.ಬಾಪಿಸ್ವಾಮಿ ಹಾಗೂ ಸಿ.ಆರ್.ರವಿಚಂದ್ರ ಅವರನ್ನು ಆಯ್ಕೆ ಮಾಡಲಾಗಿದೆ. ಸಾಹಿತಿ ಹೆಚ್.ಎಸ್.ವೆಂಕಟೇಶಮೂರ್ತಿ ನೇತೃತ್ವದ ಸಮಿತಿಯು ಪ್ರಶಸ್ತಿ ಆಯ್ಕೆ ಮಾಡಿದೆ. ಪ್ರಶಸ್ತಿ ಪ್ರದಾನ ಸಮಾರಂಭವು ಅಕ್ಟೋಬರ್ 25 ರ ಶನಿವಾರ ಸಂಜೆ 6.00 ಗಂಟೆಗೆ, ತಿಪಟೂರು ನಗರದ ಶ್ರೀ ಸತ್ಯಗಣಪತಿ ಸಭಾ ಮಂಟಪದಲ್ಲಿ ನಡೆಯಲಿದೆ. ಸಮಾರಂಭದಲ್ಲಿ ಶಾಸಕರಾದ ಕೆ.ಷಡಕ್ಷರಿ, ಮಾಜಿ ಶಿಕ್ಷಣ ಸಚಿವರಾದ ಬಿ.ಸಿ.ನಾಗೇಶ್ ಹಾಗೂ ಜಿಲ್ಲೆಯ ಗಣ್ಯರು ಭಾಗವಹಿಸಲಿದ್ದಾರೆ. ನಂತರ ರಿಚರ್ಡ್ ಲೂಯಿಸ್ ಅವರಿಂದ ಹಾಸ್ಯ ಸಂಜೆ ಕಾರ್ಯಕ್ರಮ ನಡೆಯಲಿದ್ದು ಸಾರ್ವಜನಿಕರು ಭಾಗವಹಿಸಬೇಕೆಂದು ಸಂಘದ ಅಧ್ಯಕ್ಷರು ಕೋರಿದ್ದಾರೆ.
ಕಾಡು ಬೆಳೆಸಿ – ನಾಡು ಉಳಿಸಿ
